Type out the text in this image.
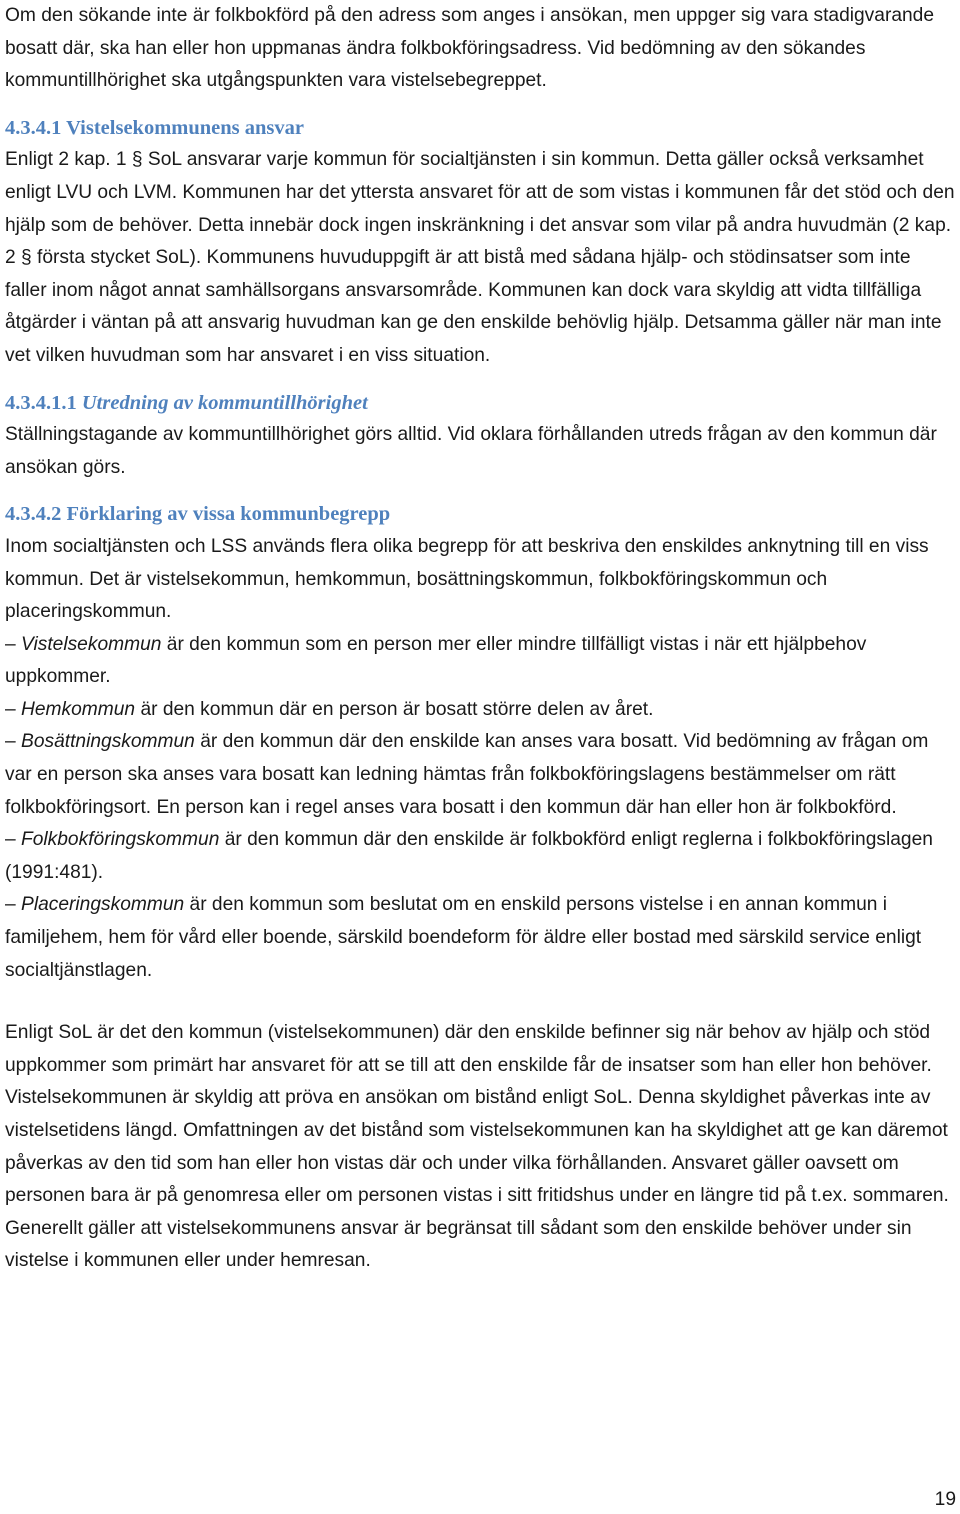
Om den sökande inte är folkbokförd på den adress som anges i ansökan, men uppger sig vara stadigvarande bosatt där, ska han eller hon uppmanas ändra folkbokföringsadress. Vid bedömning av den sökandes kommuntillhörighet ska utgångspunkten vara vistelsebegreppet.

4.3.4.1 Vistelsekommunens ansvar

Enligt 2 kap. 1 § SoL ansvarar varje kommun för socialtjänsten i sin kommun. Detta gäller också verksamhet enligt LVU och LVM. Kommunen har det yttersta ansvaret för att de som vistas i kommunen får det stöd och den hjälp som de behöver. Detta innebär dock ingen inskränkning i det ansvar som vilar på andra huvudmän (2 kap. 2 § första stycket SoL). Kommunens huvuduppgift är att bistå med sådana hjälp- och stödinsatser som inte faller inom något annat samhällsorgans ansvarsområde. Kommunen kan dock vara skyldig att vidta tillfälliga åtgärder i väntan på att ansvarig huvudman kan ge den enskilde behövlig hjälp. Detsamma gäller när man inte vet vilken huvudman som har ansvaret i en viss situation.

4.3.4.1.1 Utredning av kommuntillhörighet

Ställningstagande av kommuntillhörighet görs alltid. Vid oklara förhållanden utreds frågan av den kommun där ansökan görs.

4.3.4.2 Förklaring av vissa kommunbegrepp

Inom socialtjänsten och LSS används flera olika begrepp för att beskriva den enskildes anknytning till en viss kommun. Det är vistelsekommun, hemkommun, bosättningskommun, folkbokföringskommun och placeringskommun.

– Vistelsekommun är den kommun som en person mer eller mindre tillfälligt vistas i när ett hjälpbehov uppkommer.

– Hemkommun är den kommun där en person är bosatt större delen av året.

– Bosättningskommun är den kommun där den enskilde kan anses vara bosatt. Vid bedömning av frågan om var en person ska anses vara bosatt kan ledning hämtas från folkbokföringslagens bestämmelser om rätt folkbokföringsort. En person kan i regel anses vara bosatt i den kommun där han eller hon är folkbokförd.

– Folkbokföringskommun är den kommun där den enskilde är folkbokförd enligt reglerna i folkbokföringslagen (1991:481).

– Placeringskommun är den kommun som beslutat om en enskild persons vistelse i en annan kommun i familjehem, hem för vård eller boende, särskild boendeform för äldre eller bostad med särskild service enligt socialtjänstlagen.

Enligt SoL är det den kommun (vistelsekommunen) där den enskilde befinner sig när behov av hjälp och stöd uppkommer som primärt har ansvaret för att se till att den enskilde får de insatser som han eller hon behöver. Vistelsekommunen är skyldig att pröva en ansökan om bistånd enligt SoL. Denna skyldighet påverkas inte av vistelsetidens längd. Omfattningen av det bistånd som vistelsekommunen kan ha skyldighet att ge kan däremot påverkas av den tid som han eller hon vistas där och under vilka förhållanden. Ansvaret gäller oavsett om personen bara är på genomresa eller om personen vistas i sitt fritidshus under en längre tid på t.ex. sommaren. Generellt gäller att vistelsekommunens ansvar är begränsat till sådant som den enskilde behöver under sin vistelse i kommunen eller under hemresan.

19
